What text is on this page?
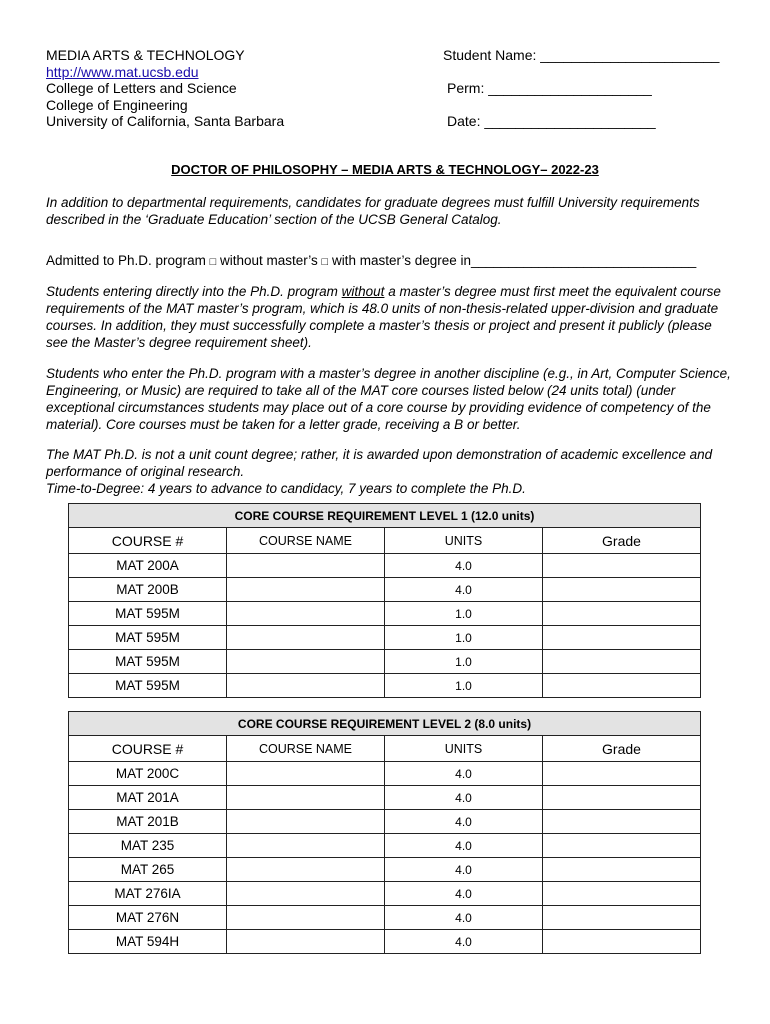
MEDIA ARTS & TECHNOLOGY
http://www.mat.ucsb.edu
College of Letters and Science
College of Engineering
University of California, Santa Barbara
Student Name: _______________________
Perm: _____________________
Date: ______________________
DOCTOR OF PHILOSOPHY – MEDIA ARTS & TECHNOLOGY– 2022-23
In addition to departmental requirements, candidates for graduate degrees must fulfill University requirements described in the ‘Graduate Education’ section of the UCSB General Catalog.
Admitted to Ph.D. program □ without master’s □ with master’s degree in______________________________
Students entering directly into the Ph.D. program without a master’s degree must first meet the equivalent course requirements of the MAT master’s program, which is 48.0 units of non-thesis-related upper-division and graduate courses. In addition, they must successfully complete a master’s thesis or project and present it publicly (please see the Master’s degree requirement sheet).
Students who enter the Ph.D. program with a master’s degree in another discipline (e.g., in Art, Computer Science, Engineering, or Music) are required to take all of the MAT core courses listed below (24 units total) (under exceptional circumstances students may place out of a core course by providing evidence of competency of the material). Core courses must be taken for a letter grade, receiving a B or better.
The MAT Ph.D. is not a unit count degree; rather, it is awarded upon demonstration of academic excellence and performance of original research.
Time-to-Degree: 4 years to advance to candidacy, 7 years to complete the Ph.D.
CORE COURSE REQUIREMENT LEVEL 1 (12.0 units)			
COURSE #	COURSE NAME	UNITS	Grade
MAT 200A		4.0	
MAT 200B		4.0	
MAT 595M		1.0	
MAT 595M		1.0	
MAT 595M		1.0	
MAT 595M		1.0	
CORE COURSE REQUIREMENT LEVEL 2 (8.0 units)			
COURSE #	COURSE NAME	UNITS	Grade
MAT 200C		4.0	
MAT 201A		4.0	
MAT 201B		4.0	
MAT 235		4.0	
MAT 265		4.0	
MAT 276IA		4.0	
MAT 276N		4.0	
MAT 594H		4.0	
